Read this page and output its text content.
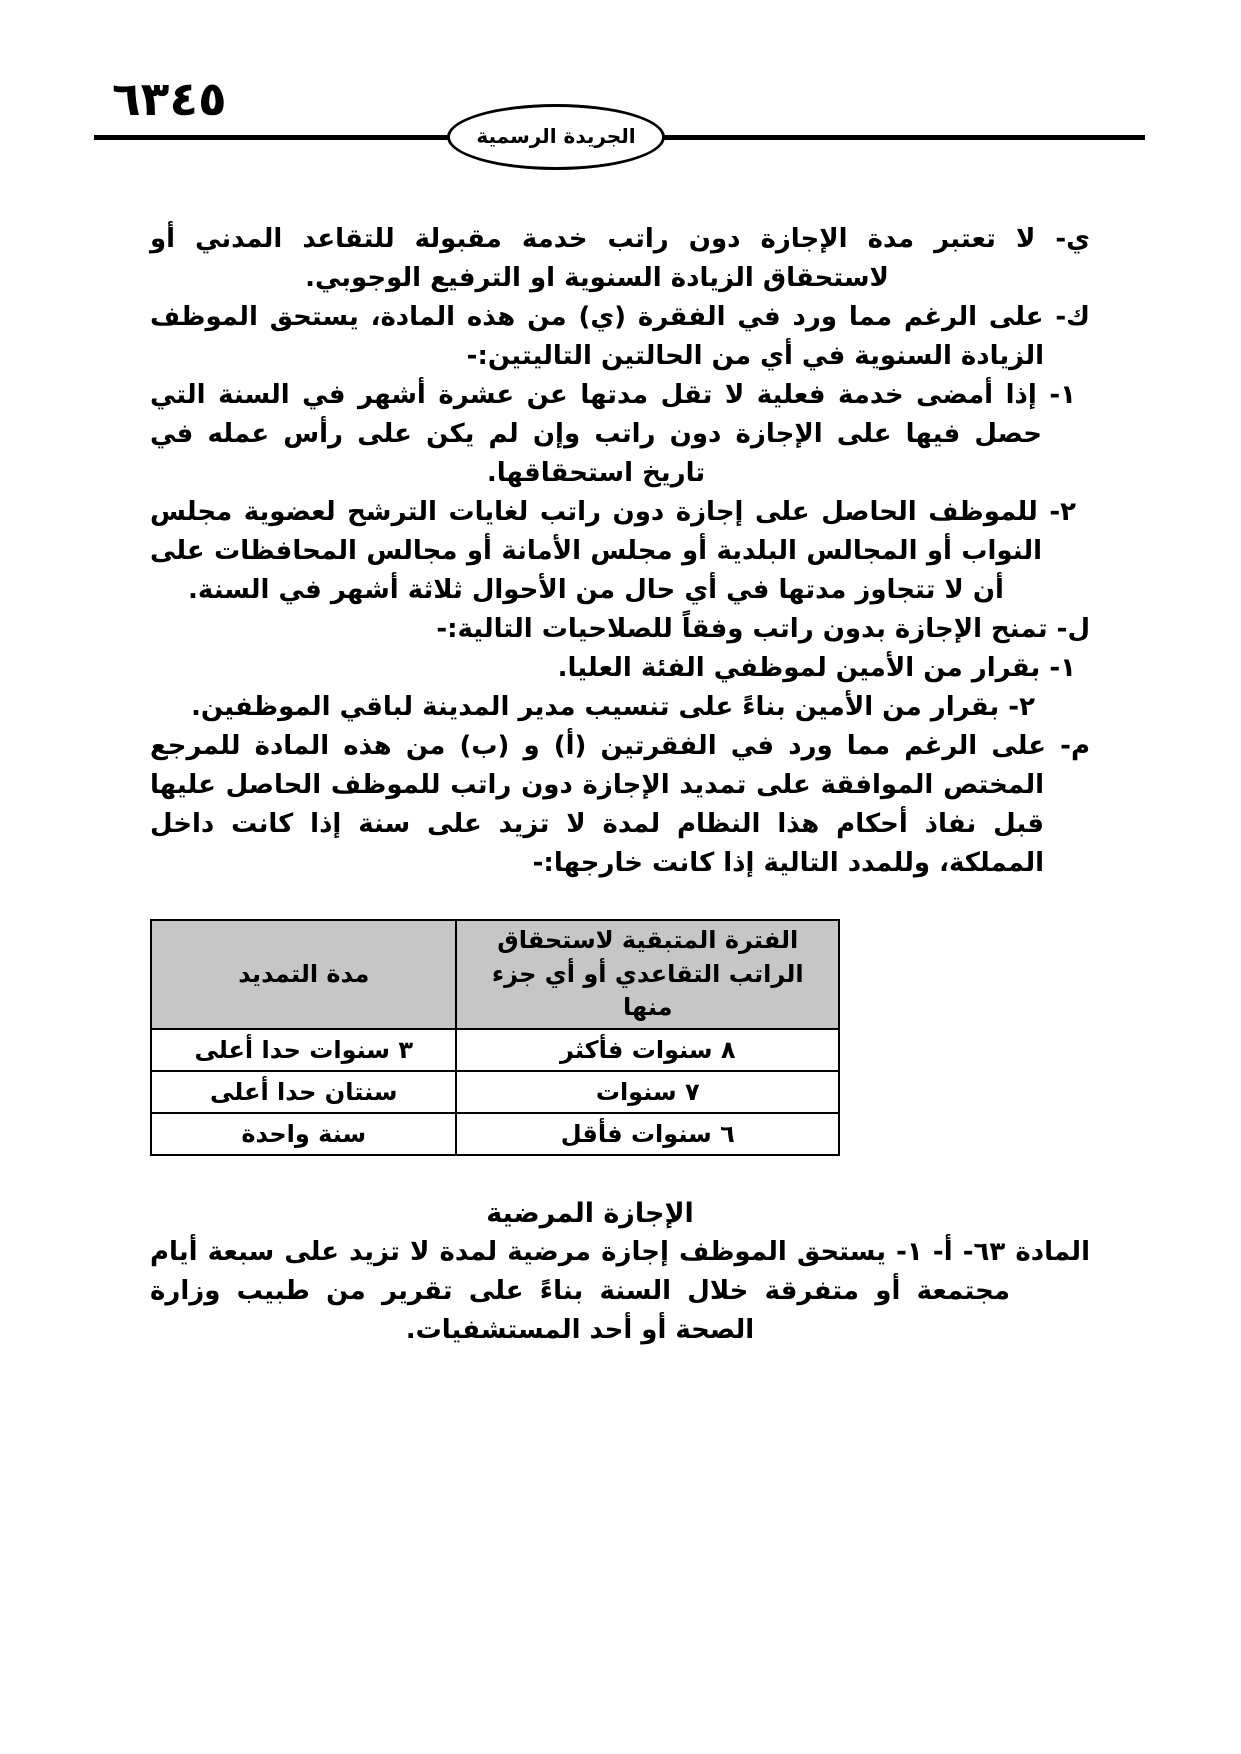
٦٣٤٥
الجريدة الرسمية

ي- لا تعتبر مدة الإجازة دون راتب خدمة مقبولة للتقاعد المدني أو لاستحقاق الزيادة السنوية او الترفيع الوجوبي.

ك- على الرغم مما ورد في الفقرة (ي) من هذه المادة، يستحق الموظف الزيادة السنوية في أي من الحالتين التاليتين:-

١- إذا أمضى خدمة فعلية لا تقل مدتها عن عشرة أشهر في السنة التي حصل فيها على الإجازة دون راتب وإن لم يكن على رأس عمله في تاريخ استحقاقها.

٢- للموظف الحاصل على إجازة دون راتب لغايات الترشح لعضوية مجلس النواب أو المجالس البلدية أو مجلس الأمانة أو مجالس المحافظات على أن لا تتجاوز مدتها في أي حال من الأحوال ثلاثة أشهر في السنة.

ل- تمنح الإجازة بدون راتب وفقاً للصلاحيات التالية:-

١- بقرار من الأمين لموظفي الفئة العليا.

٢- بقرار من الأمين بناءً على تنسيب مدير المدينة لباقي الموظفين.

م- على الرغم مما ورد في الفقرتين (أ) و (ب) من هذه المادة للمرجع المختص الموافقة على تمديد الإجازة دون راتب للموظف الحاصل عليها قبل نفاذ أحكام هذا النظام لمدة لا تزيد على سنة إذا كانت داخل المملكة، وللمدد التالية إذا كانت خارجها:-

الفترة المتبقية لاستحقاق الراتب التقاعدي أو أي جزء منها	مدة التمديد
٨ سنوات فأكثر	٣ سنوات حدا أعلى
٧ سنوات	سنتان حدا أعلى
٦ سنوات فأقل	سنة واحدة
الإجازة المرضية

المادة ٦٣- أ- ١- يستحق الموظف إجازة مرضية لمدة لا تزيد على سبعة أيام مجتمعة أو متفرقة خلال السنة بناءً على تقرير من طبيب وزارة الصحة أو أحد المستشفيات.
